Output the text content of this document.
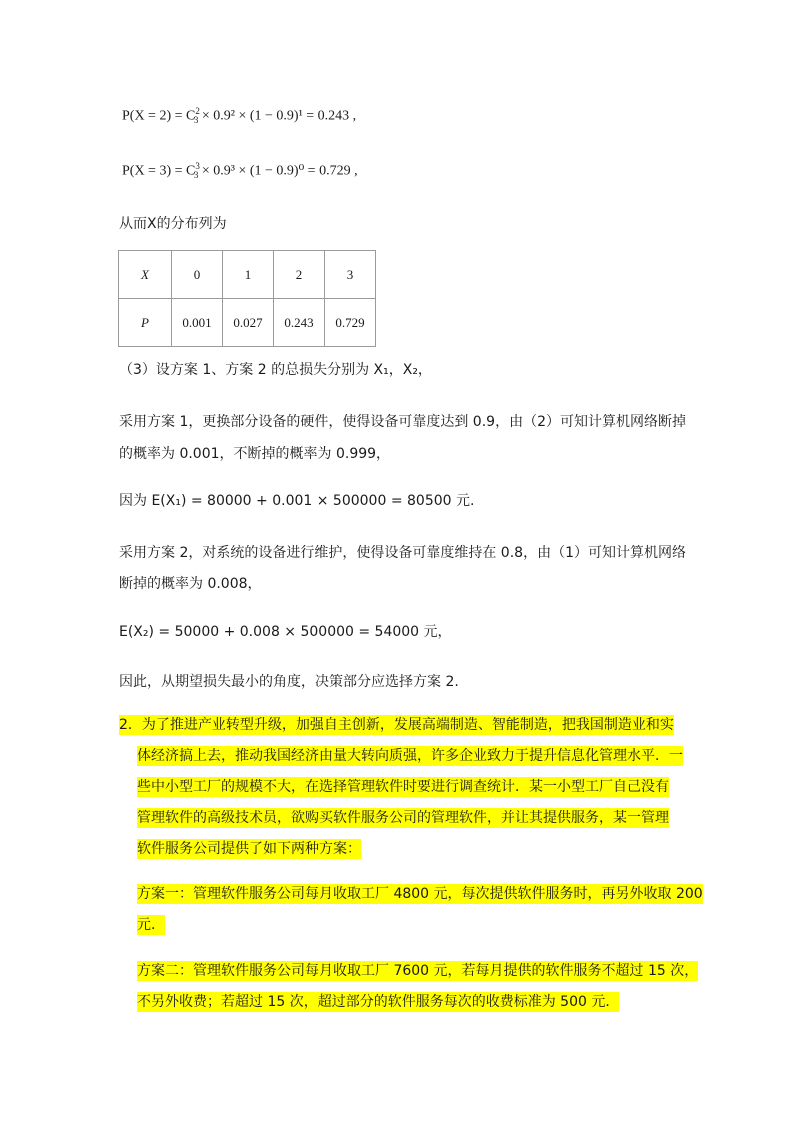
$P(X = 2) = C^2_3 \times 0.9^2 \times (1 - 0.9)^1 = 0.243$ ,
$P(X = 3) = C^3_3 \times 0.9^3 \times (1 - 0.9)^0 = 0.729$ ,
从而X的分布列为
X	0	1	2	3
P	0.001	0.027	0.243	0.729
（3）设方案 1、方案 2 的总损失分别为 X₁，X₂，
采用方案 1，更换部分设备的硬件，使得设备可靠度达到 0.9，由（2）可知计算机网络断掉
的概率为 0.001，不断掉的概率为 0.999，
因为 E(X₁) = 80000 + 0.001 × 500000 = 80500 元.
采用方案 2，对系统的设备进行维护，使得设备可靠度维持在 0.8，由（1）可知计算机网络
断掉的概率为 0.008，
E(X₂) = 50000 + 0.008 × 500000 = 54000 元，
因此，从期望损失最小的角度，决策部分应选择方案 2.
2．为了推进产业转型升级，加强自主创新，发展高端制造、智能制造，把我国制造业和实
体经济搞上去，推动我国经济由量大转向质强，许多企业致力于提升信息化管理水平．一
些中小型工厂的规模不大，在选择管理软件时要进行调查统计．某一小型工厂自己没有
管理软件的高级技术员，欲购买软件服务公司的管理软件，并让其提供服务，某一管理
软件服务公司提供了如下两种方案：
方案一：管理软件服务公司每月收取工厂 4800 元，每次提供软件服务时，再另外收取 200
元．
方案二：管理软件服务公司每月收取工厂 7600 元，若每月提供的软件服务不超过 15 次，
不另外收费；若超过 15 次，超过部分的软件服务每次的收费标准为 500 元．
